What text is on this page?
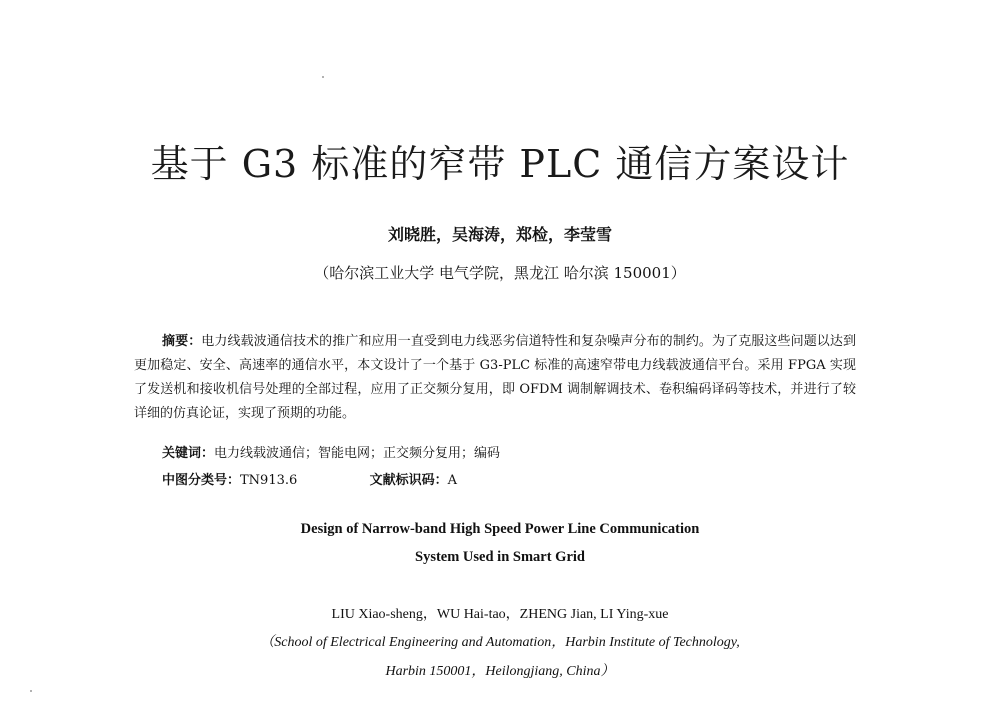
基于 G3 标准的窄带 PLC 通信方案设计
刘晓胜，吴海涛，郑检，李莹雪
（哈尔滨工业大学 电气学院，黑龙江 哈尔滨 150001）
摘要：电力线载波通信技术的推广和应用一直受到电力线恶劣信道特性和复杂噪声分布的制约。为了克服这些问题以达到更加稳定、安全、高速率的通信水平，本文设计了一个基于 G3-PLC 标准的高速窄带电力线载波通信平台。采用 FPGA 实现了发送机和接收机信号处理的全部过程，应用了正交频分复用，即 OFDM 调制解调技术、卷积编码译码等技术，并进行了较详细的仿真论证，实现了预期的功能。
关键词：电力线载波通信；智能电网；正交频分复用；编码
中图分类号：TN913.6	文献标识码：A
Design of Narrow-band High Speed Power Line Communication
System Used in Smart Grid
LIU Xiao-sheng，WU Hai-tao，ZHENG Jian, LI Ying-xue
（School of Electrical Engineering and Automation，Harbin Institute of Technology,
Harbin 150001，Heilongjiang, China）
